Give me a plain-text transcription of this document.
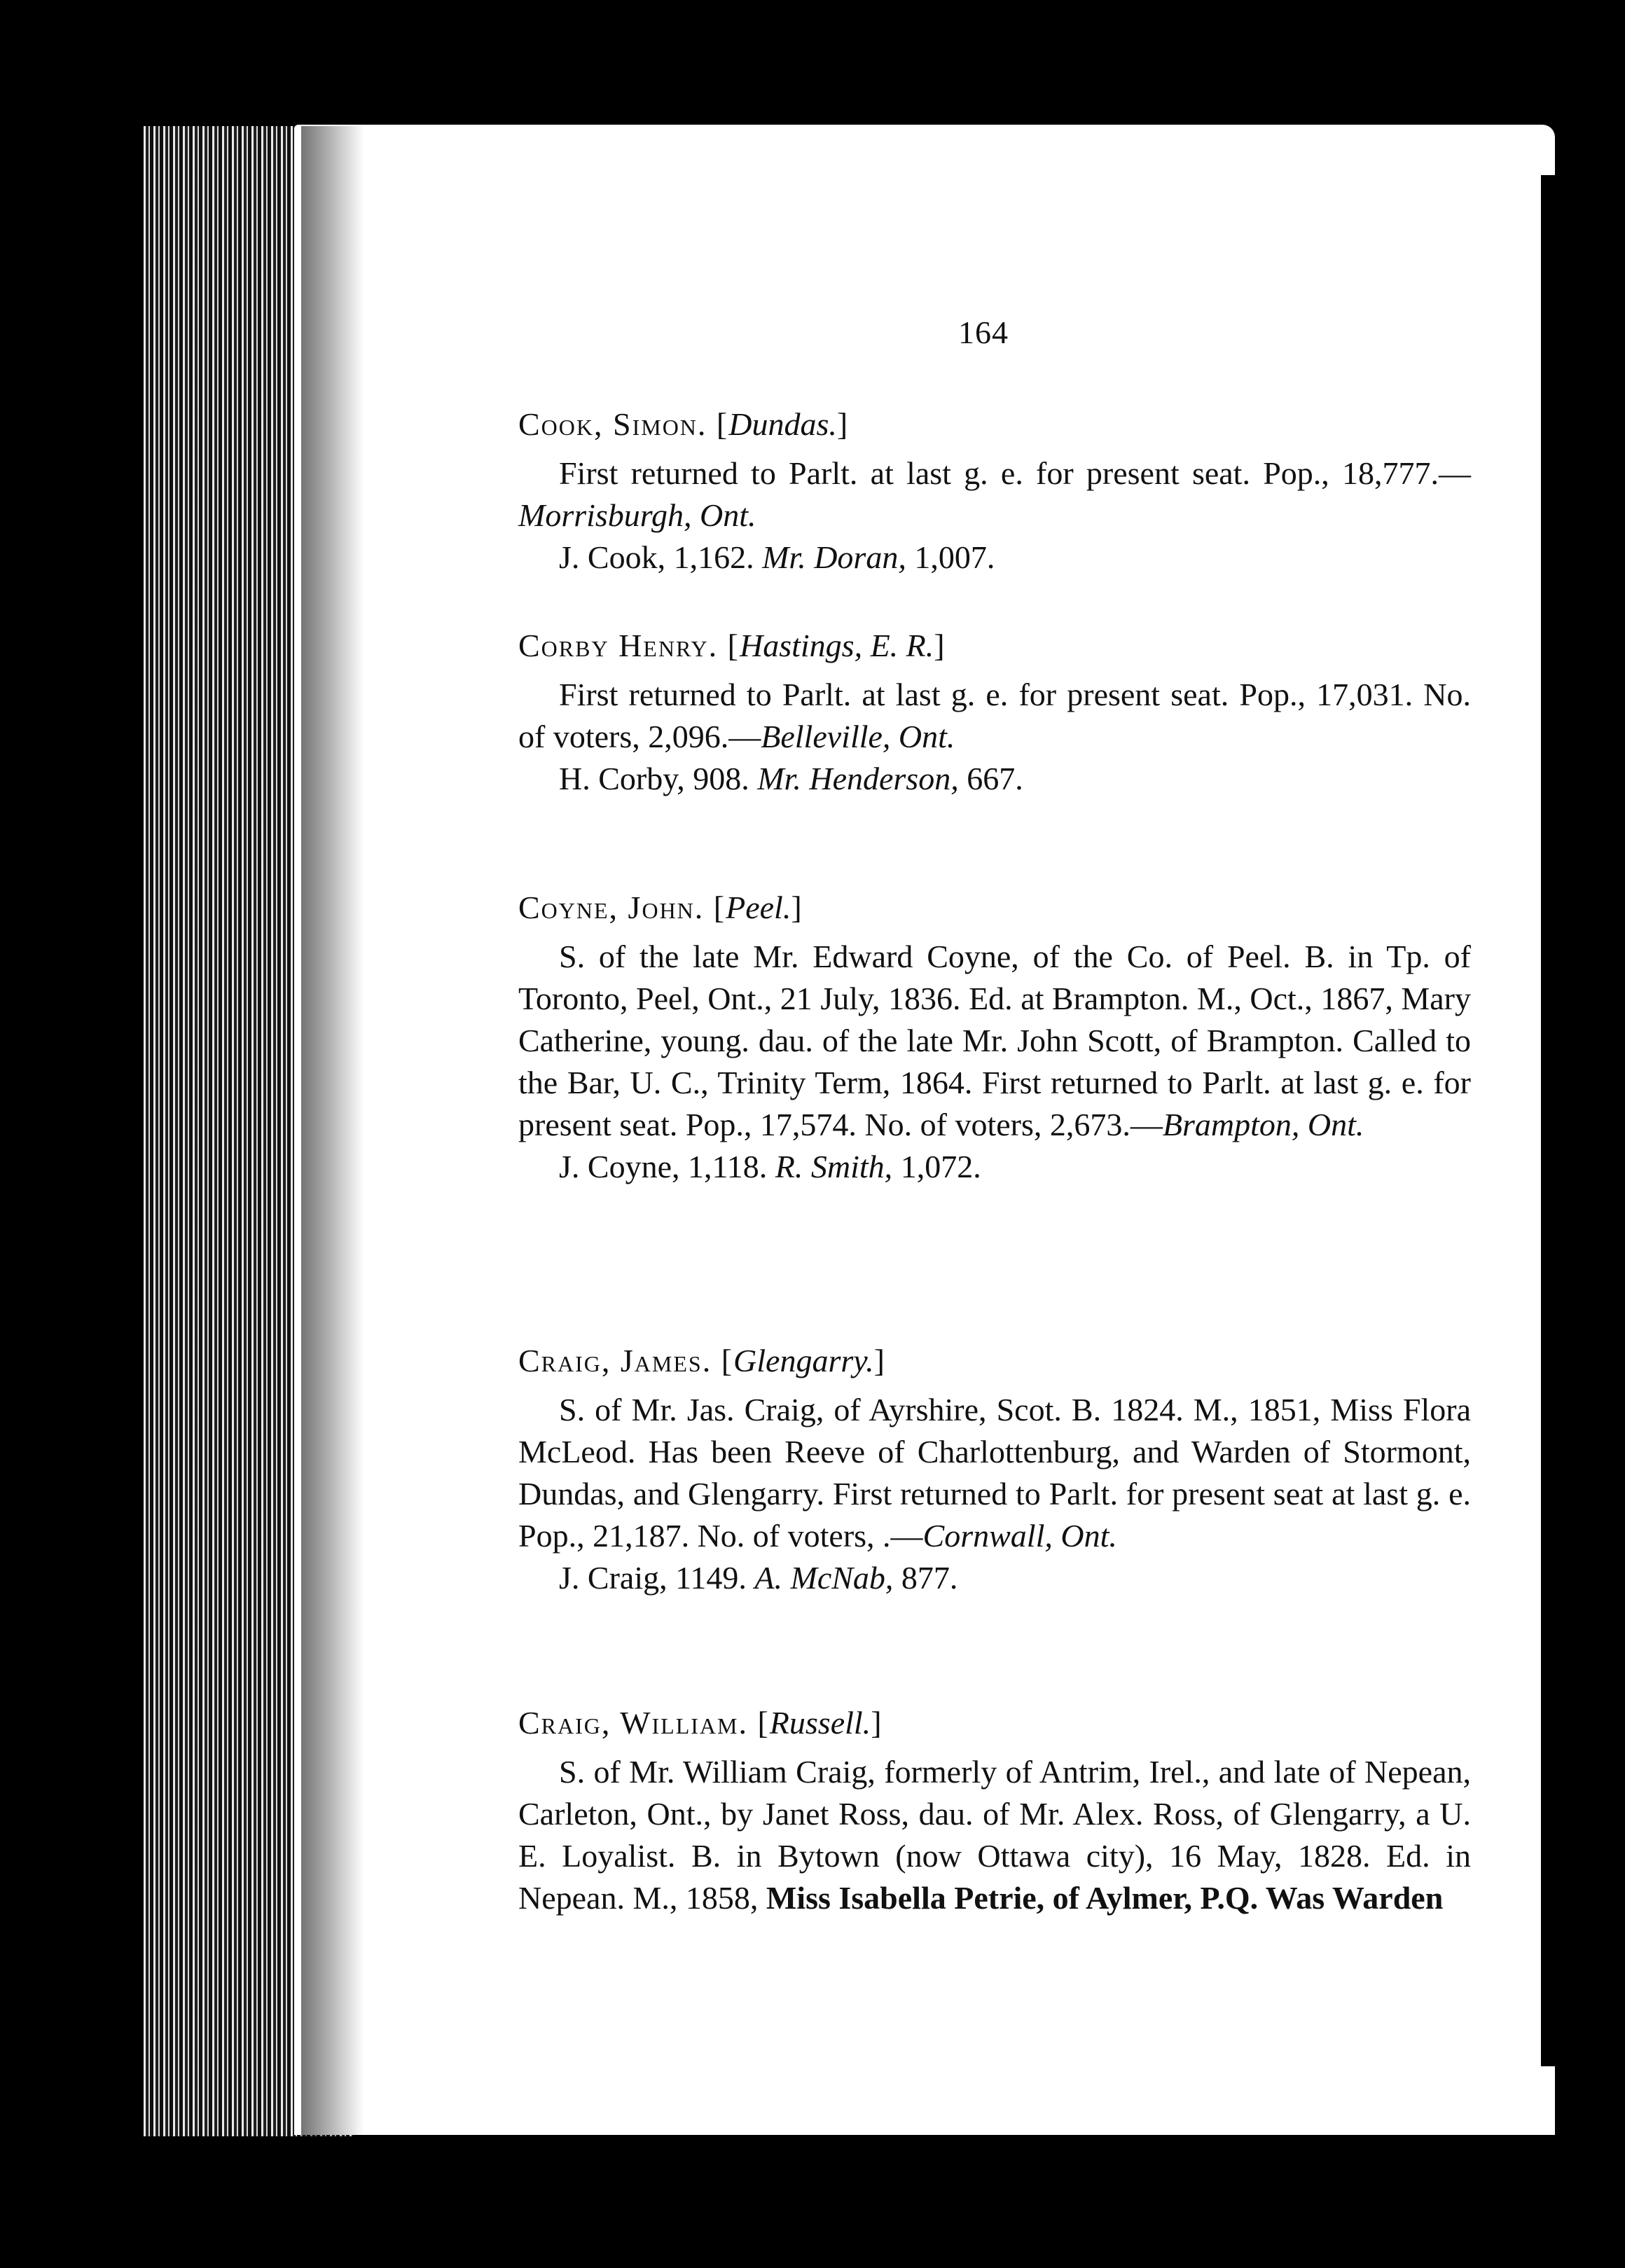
164
Cook, Simon. [Dundas.]

First returned to Parlt. at last g. e. for present seat. Pop., 18,777.—Morrisburgh, Ont.

J. Cook, 1,162. Mr. Doran, 1,007.

Corby Henry. [Hastings, E. R.]

First returned to Parlt. at last g. e. for present seat. Pop., 17,031. No. of voters, 2,096.—Belleville, Ont.

H. Corby, 908. Mr. Henderson, 667.

Coyne, John. [Peel.]

S. of the late Mr. Edward Coyne, of the Co. of Peel. B. in Tp. of Toronto, Peel, Ont., 21 July, 1836. Ed. at Brampton. M., Oct., 1867, Mary Catherine, young. dau. of the late Mr. John Scott, of Brampton. Called to the Bar, U. C., Trinity Term, 1864. First returned to Parlt. at last g. e. for present seat. Pop., 17,574. No. of voters, 2,673.—Brampton, Ont.

J. Coyne, 1,118. R. Smith, 1,072.

Craig, James. [Glengarry.]

S. of Mr. Jas. Craig, of Ayrshire, Scot. B. 1824. M., 1851, Miss Flora McLeod. Has been Reeve of Charlottenburg, and Warden of Stormont, Dundas, and Glengarry. First returned to Parlt. for present seat at last g. e. Pop., 21,187. No. of voters, .—Cornwall, Ont.

J. Craig, 1149. A. McNab, 877.

Craig, William. [Russell.]

S. of Mr. William Craig, formerly of Antrim, Irel., and late of Nepean, Carleton, Ont., by Janet Ross, dau. of Mr. Alex. Ross, of Glengarry, a U. E. Loyalist. B. in Bytown (now Ottawa city), 16 May, 1828. Ed. in Nepean. M., 1858, Miss Isabella Petrie, of Aylmer, P.Q. Was Warden
